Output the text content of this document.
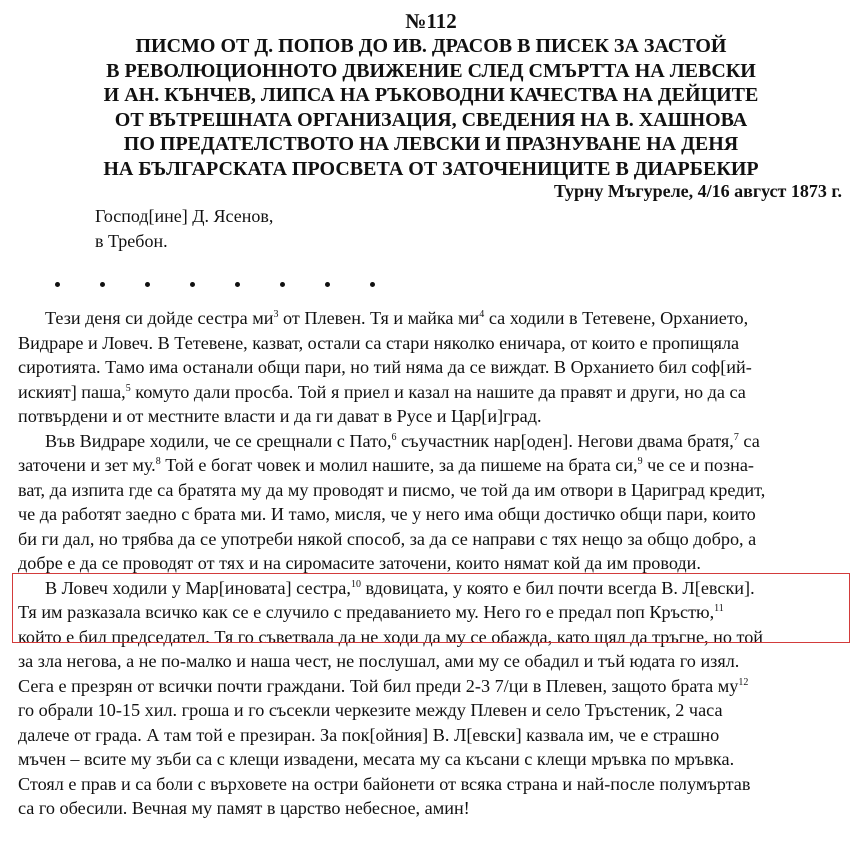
№112
ПИСМО ОТ Д. ПОПОВ ДО ИВ. ДРАСОВ В ПИСЕК ЗА ЗАСТОЙ
В РЕВОЛЮЦИОННОТО ДВИЖЕНИЕ СЛЕД СМЪРТТА НА ЛЕВСКИ
И АН. КЪНЧЕВ, ЛИПСА НА РЪКОВОДНИ КАЧЕСТВА НА ДЕЙЦИТЕ
ОТ ВЪТРЕШНАТА ОРГАНИЗАЦИЯ, СВЕДЕНИЯ НА В. ХАШНОВА
ПО ПРЕДАТЕЛСТВОТО НА ЛЕВСКИ И ПРАЗНУВАНЕ НА ДЕНЯ
НА БЪЛГАРСКАТА ПРОСВЕТА ОТ ЗАТОЧЕНИЦИТЕ В ДИАРБЕКИР
Турну Мъгуреле, 4/16 август 1873 г.
Господ[ине] Д. Ясенов,
в Требон.
Тези деня си дойде сестра $ми^3$ от Плевен. Тя и майка $ми^4$ са ходили в Тетевене, Орханието,
Видраре и Ловеч. В Тетевене, казват, остали са стари няколко еничара, от които е пропищяла
сиротията. Тамо има останали общи пари, но тий няма да се виждат. В Орханието бил соф[ий-
иският] паша,$^5$ комуто дали просба. Той я приел и казал на нашите да правят и други, но да са
потвърдени и от местните власти и да ги дават в Русе и Цар[и]град.
Във Видраре ходили, че се срещнали с Пато,$^6$ съучастник нар[оден]. Негови двама братя,$^7$ са
заточени и зет му.$^8$ Той е богат човек и молил нашите, за да пишеме на брата си,$^9$ че се и позна-
ват, да изпита где са братята му да му проводят и писмо, че той да им отвори в Цариград кредит,
че да работят заедно с брата ми. И тамо, мисля, че у него има общи достичко общи пари, които
би ги дал, но трябва да се употреби някой способ, за да се направи с тях нещо за общо добро, а
добре е да се проводят от тях и на сиромасите заточени, които нямат кой да им проводи.
В Ловеч ходили у Мар[иновата] сестра,$^{10}$ вдовицата, у която е бил почти всегда В. Л[евски].
Тя им разказала всичко как се е случило с предаванието му. Него го е предал поп Кръстю,$^{11}$
който е бил председател. Тя го съветвала да не ходи да му се обажда, като щял да тръгне, но той
за зла негова, а не по-малко и наша чест, не послушал, ами му се обадил и тъй юдата го изял.
Сега е презрян от всички почти граждани. Той бил преди 2-3 7/ци в Плевен, защото брата $му^{12}$
го обрали 10-15 хил. гроша и го съсекли черкезите между Плевен и село Тръстеник, 2 часа
далече от града. А там той е презиран. За пок[ойния] В. Л[евски] казвала им, че е страшно
мъчен – всите му зъби са с клещи извадени, месата му са късани с клещи мръвка по мръвка.
Стоял е прав и са боли с върховете на остри байонети от всяка страна и най-после полумъртав
са го обесили. Вечная му памят в царство небесное, амин!
